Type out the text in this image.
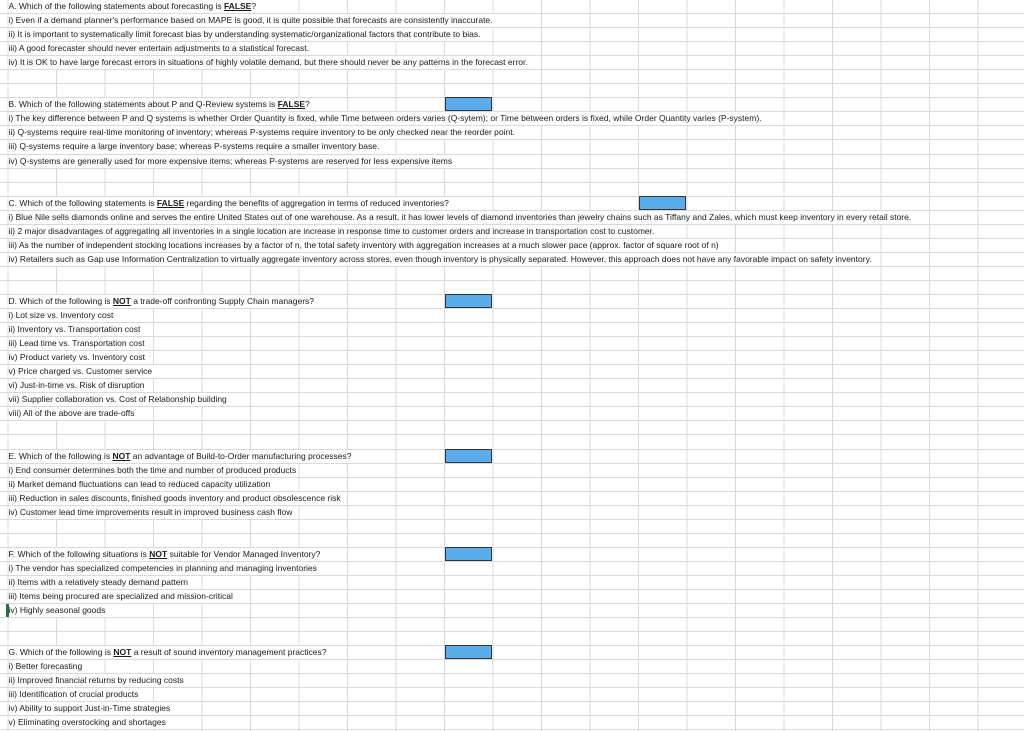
A. Which of the following statements about forecasting is FALSE?
i) Even if a demand planner's performance based on MAPE is good, it is quite possible that forecasts are consistently inaccurate.
ii) It is important to systematically limit forecast bias by understanding systematic/organizational factors that contribute to bias.
iii) A good forecaster should never entertain adjustments to a statistical forecast.
iv) It is OK to have large forecast errors in situations of highly volatile demand, but there should never be any patterns in the forecast error.
B. Which of the following statements about P and Q-Review systems is FALSE?
i) The key difference between P and Q systems is whether Order Quantity is fixed, while Time between orders varies (Q-sytem); or Time between orders is fixed, while Order Quantity varies (P-system).
ii) Q-systems require real-time monitoring of inventory; whereas P-systems require inventory to be only checked near the reorder point.
iii) Q-systems require a large inventory base; whereas P-systems require a smaller inventory base.
iv) Q-systems are generally used for more expensive items; whereas P-systems are reserved for less expensive items
C. Which of the following statements is FALSE regarding the benefits of aggregation in terms of reduced inventories?
i) Blue Nile sells diamonds online and serves the entire United States out of one warehouse. As a result, it has lower levels of diamond inventories than jewelry chains such as Tiffany and Zales, which must keep inventory in every retail store.
ii) 2 major disadvantages of aggregating all inventories in a single location are increase in response time to customer orders and increase in transportation cost to customer.
iii) As the number of independent stocking locations increases by a factor of n, the total safety inventory with aggregation increases at a much slower pace (approx. factor of square root of n)
iv) Retailers such as Gap use Information Centralization to virtually aggregate inventory across stores, even though inventory is physically separated. However, this approach does not have any favorable impact on safety inventory.
D. Which of the following is NOT a trade-off confronting Supply Chain managers?
i) Lot size vs. Inventory cost
ii) Inventory vs. Transportation cost
iii) Lead time vs. Transportation cost
iv) Product variety vs. Inventory cost
v) Price charged vs. Customer service
vi) Just-in-time vs. Risk of disruption
vii) Supplier collaboration vs. Cost of Relationship building
viii) All of the above are trade-offs
E. Which of the following is NOT an advantage of Build-to-Order manufacturing processes?
i) End consumer determines both the time and number of produced products
ii) Market demand fluctuations can lead to reduced capacity utilization
iii) Reduction in sales discounts, finished goods inventory and product obsolescence risk
iv) Customer lead time improvements result in improved business cash flow
F. Which of the following situations is NOT suitable for Vendor Managed Inventory?
i) The vendor has specialized competencies in planning and managing inventories
ii) Items with a relatively steady demand pattern
iii) Items being procured are specialized and mission-critical
iv) Highly seasonal goods
G. Which of the following is NOT a result of sound inventory management practices?
i) Better forecasting
ii) Improved financial returns by reducing costs
iii) Identification of crucial products
iv) Ability to support Just-in-Time strategies
v) Eliminating overstocking and shortages
